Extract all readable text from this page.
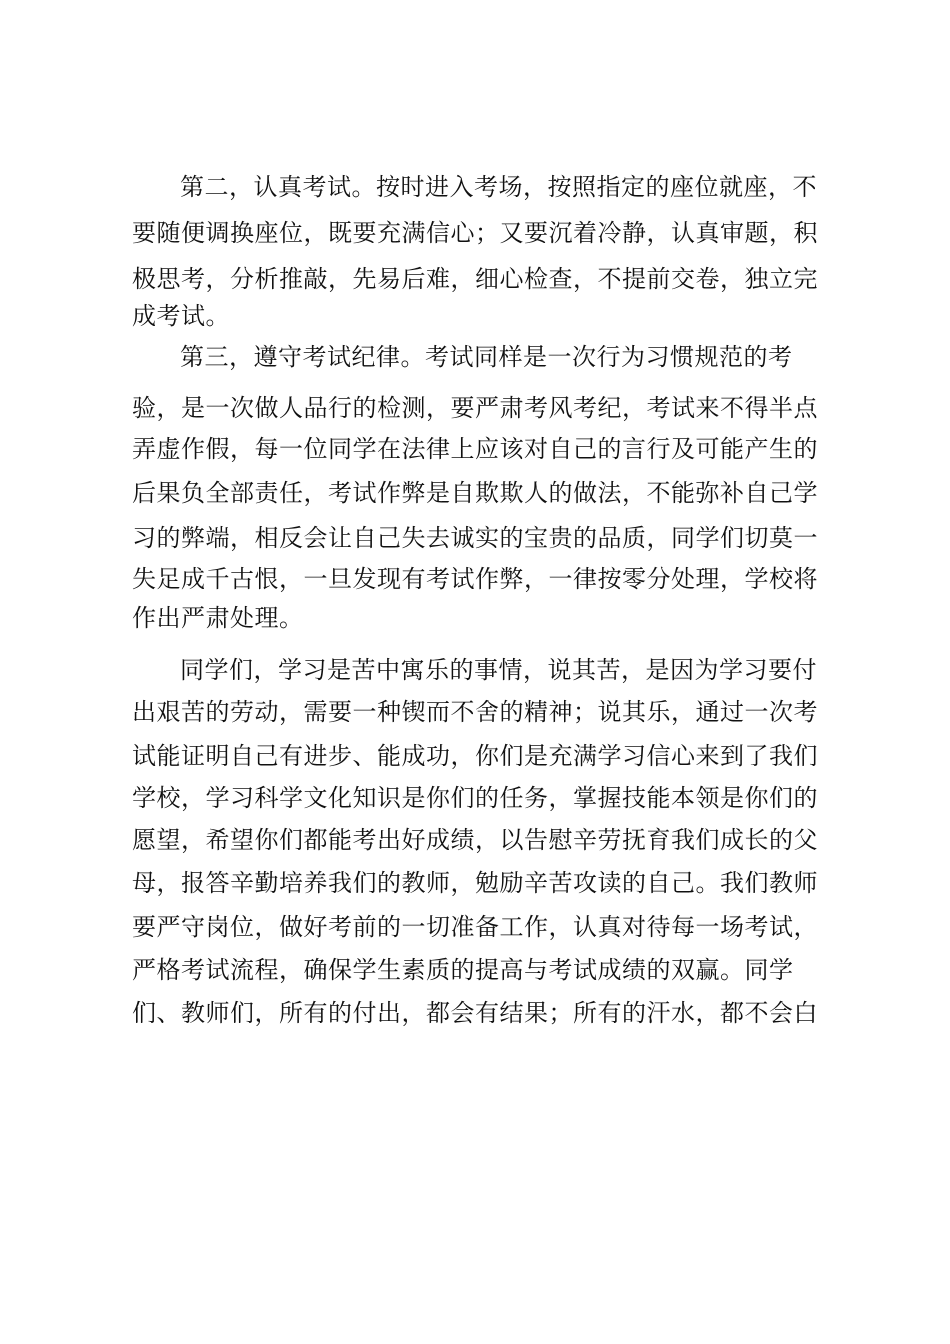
第二，认真考试。按时进入考场，按照指定的座位就座，不
要随便调换座位，既要充满信心；又要沉着冷静，认真审题，积
极思考，分析推敲，先易后难，细心检查，不提前交卷，独立完
成考试。
第三，遵守考试纪律。考试同样是一次行为习惯规范的考
验，是一次做人品行的检测，要严肃考风考纪，考试来不得半点
弄虚作假，每一位同学在法律上应该对自己的言行及可能产生的
后果负全部责任，考试作弊是自欺欺人的做法，不能弥补自己学
习的弊端，相反会让自己失去诚实的宝贵的品质，同学们切莫一
失足成千古恨，一旦发现有考试作弊，一律按零分处理，学校将
作出严肃处理。
同学们，学习是苦中寓乐的事情，说其苦，是因为学习要付
出艰苦的劳动，需要一种锲而不舍的精神；说其乐，通过一次考
试能证明自己有进步、能成功，你们是充满学习信心来到了我们
学校，学习科学文化知识是你们的任务，掌握技能本领是你们的
愿望，希望你们都能考出好成绩，以告慰辛劳抚育我们成长的父
母，报答辛勤培养我们的教师，勉励辛苦攻读的自己。我们教师
要严守岗位，做好考前的一切准备工作，认真对待每一场考试，
严格考试流程，确保学生素质的提高与考试成绩的双赢。同学
们、教师们，所有的付出，都会有结果；所有的汗水，都不会白
